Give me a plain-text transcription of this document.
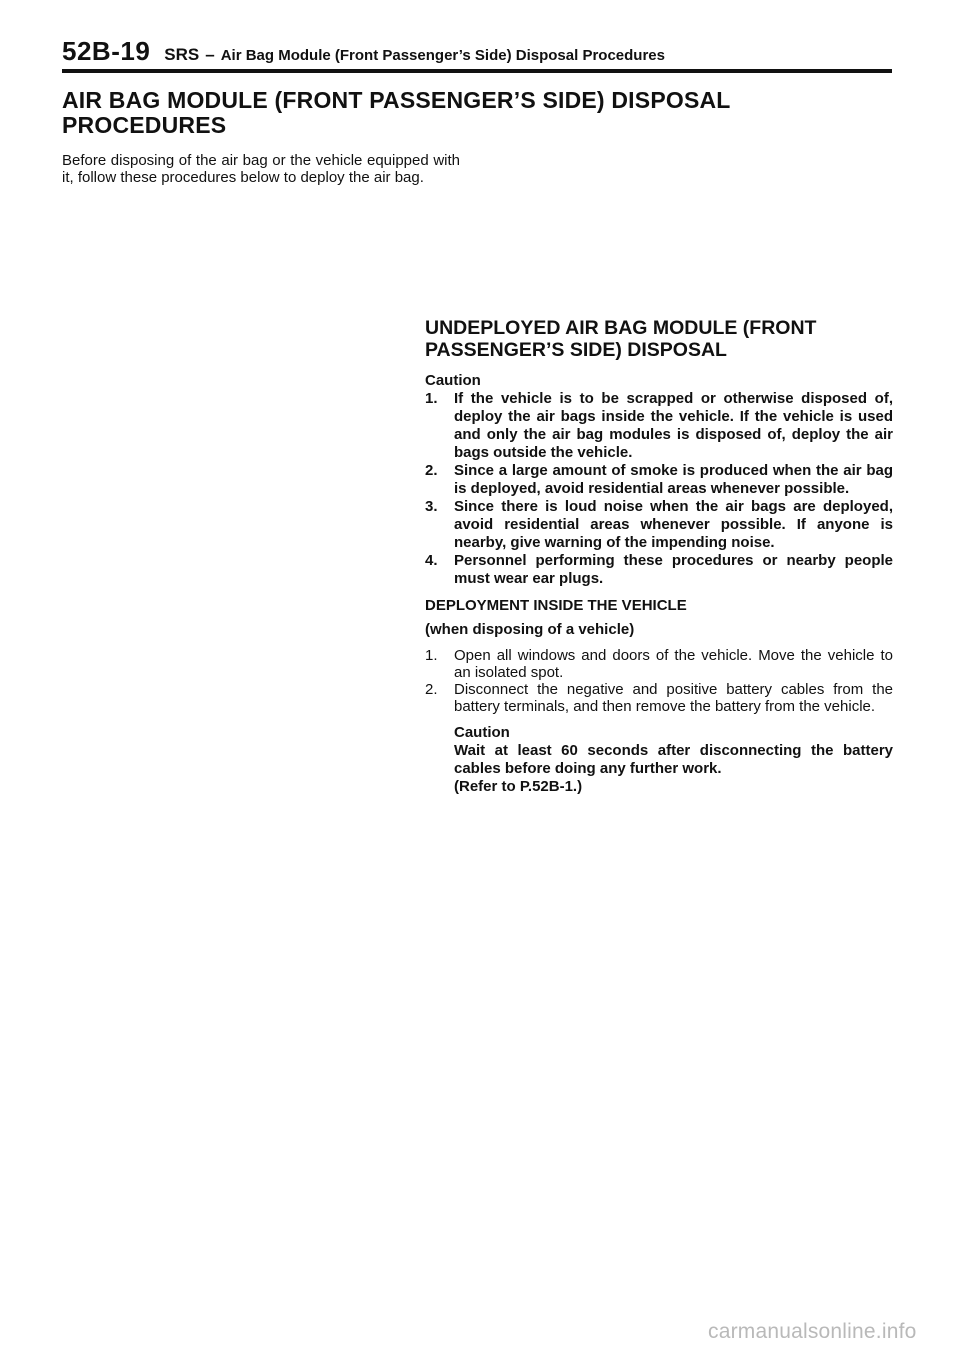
52B-19 SRS – Air Bag Module (Front Passenger’s Side) Disposal Procedures
AIR BAG MODULE (FRONT PASSENGER’S SIDE) DISPOSAL PROCEDURES
Before disposing of the air bag or the vehicle equipped with it, follow these procedures below to deploy the air bag.
UNDEPLOYED AIR BAG MODULE (FRONT PASSENGER’S SIDE) DISPOSAL
Caution
1. If the vehicle is to be scrapped or otherwise disposed of, deploy the air bags inside the vehicle. If the vehicle is used and only the air bag modules is disposed of, deploy the air bags outside the vehicle.
2. Since a large amount of smoke is produced when the air bag is deployed, avoid residential areas whenever possible.
3. Since there is loud noise when the air bags are deployed, avoid residential areas whenever possible. If anyone is nearby, give warning of the impending noise.
4. Personnel performing these procedures or nearby people must wear ear plugs.
DEPLOYMENT INSIDE THE VEHICLE
(when disposing of a vehicle)
1. Open all windows and doors of the vehicle. Move the vehicle to an isolated spot.
2. Disconnect the negative and positive battery cables from the battery terminals, and then remove the battery from the vehicle.
Caution
Wait at least 60 seconds after disconnecting the battery cables before doing any further work.
(Refer to P.52B-1.)
carmanualsonline.info
